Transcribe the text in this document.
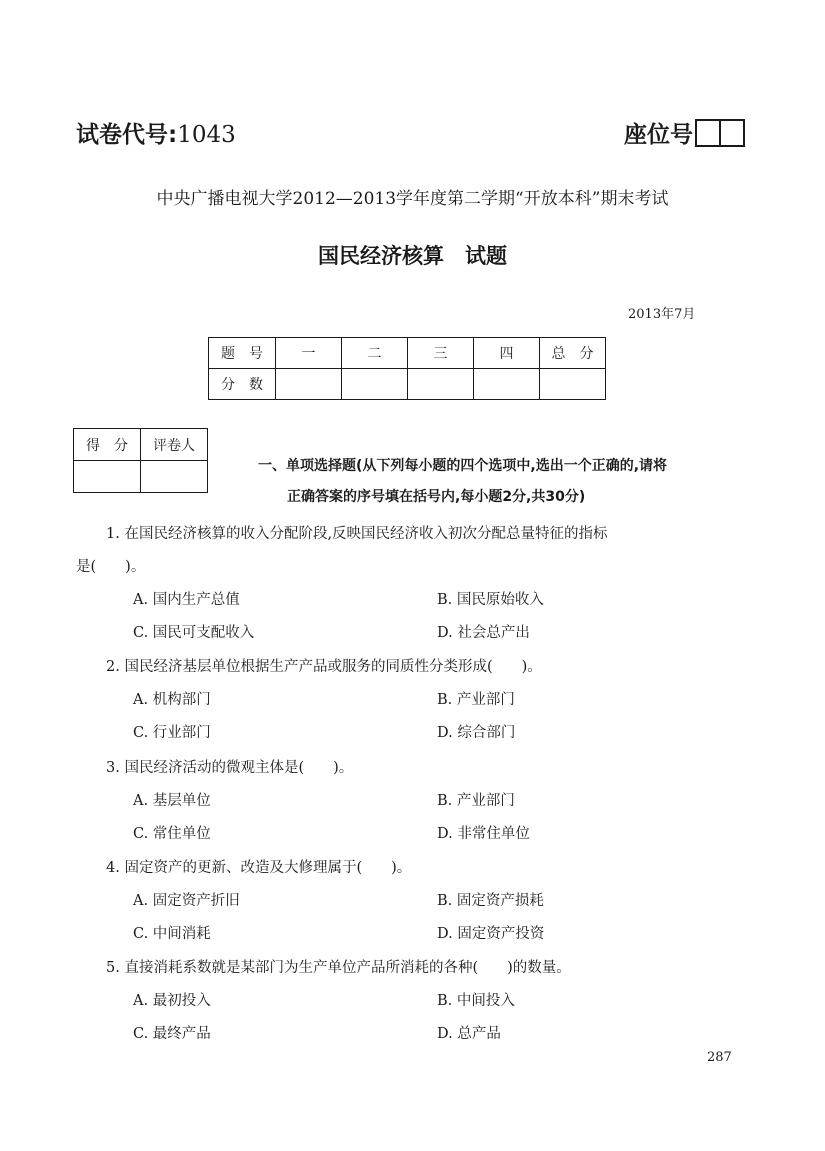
试卷代号:1043	座位号
中央广播电视大学2012—2013学年度第二学期“开放本科”期末考试
国民经济核算　试题
2013年7月
题　号	一	二	三	四	总　分
分　数					
得　分	评卷人

一、单项选择题(从下列每小题的四个选项中,选出一个正确的,请将
正确答案的序号填在括号内,每小题2分,共30分)
1. 在国民经济核算的收入分配阶段,反映国民经济收入初次分配总量特征的指标
是(　　)。
A. 国内生产总值	B. 国民原始收入
C. 国民可支配收入	D. 社会总产出
2. 国民经济基层单位根据生产产品或服务的同质性分类形成(　　)。
A. 机构部门	B. 产业部门
C. 行业部门	D. 综合部门
3. 国民经济活动的微观主体是(　　)。
A. 基层单位	B. 产业部门
C. 常住单位	D. 非常住单位
4. 固定资产的更新、改造及大修理属于(　　)。
A. 固定资产折旧	B. 固定资产损耗
C. 中间消耗	D. 固定资产投资
5. 直接消耗系数就是某部门为生产单位产品所消耗的各种(　　)的数量。
A. 最初投入	B. 中间投入
C. 最终产品	D. 总产品
287
